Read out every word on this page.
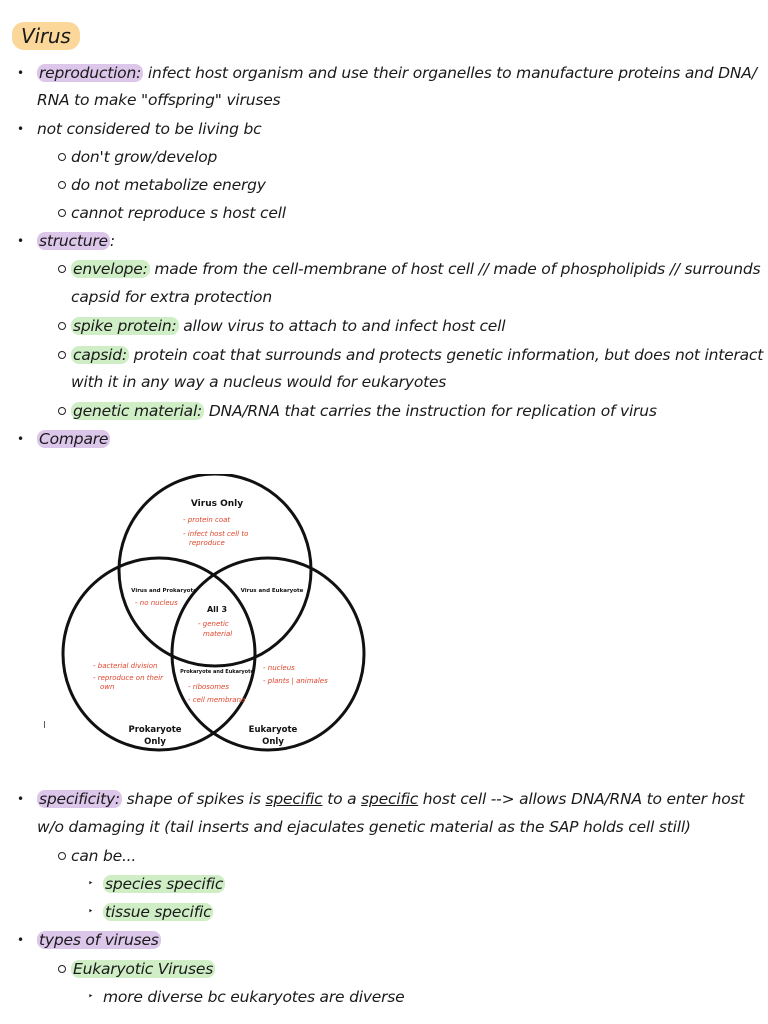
Virus
• reproduction: infect host organism and use their organelles to manufacture proteins and DNA/
RNA to make "offspring" viruses
• not considered to be living bc
don't grow/develop
do not metabolize energy
cannot reproduce s host cell
• structure :
envelope: made from the cell-membrane of host cell // made of phospholipids // surrounds
capsid for extra protection
spike protein: allow virus to attach to and infect host cell
capsid: protein coat that surrounds and protects genetic information, but does not interact
with it in any way a nucleus would for eukaryotes
genetic material: DNA/RNA that carries the instruction for replication of virus
• Compare
Virus Only
- protein coat
- infect host cell to
reproduce
Virus and Prokaryote
- no nucleus
Virus and Eukaryote
All 3
- genetic
material
Prokaryote and Eukaryote
- ribosomes
- cell membrane
- bacterial division
- reproduce on their
own
- nucleus
- plants | animales
Prokaryote
Only
Eukaryote
Only
I
• specificity: shape of spikes is specific to a specific host cell --> allows DNA/RNA to enter host
w/o damaging it (tail inserts and ejaculates genetic material as the SAP holds cell still)
can be...
‣ species specific
‣ tissue specific
• types of viruses
Eukaryotic Viruses
‣ more diverse bc eukaryotes are diverse
